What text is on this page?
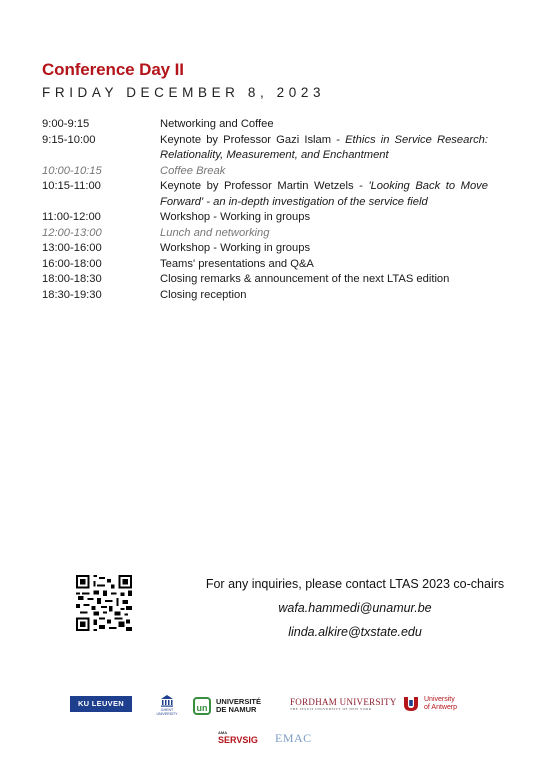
Conference Day II
FRIDAY DECEMBER 8, 2023
9:00-9:15	Networking and Coffee
9:15-10:00	Keynote by Professor Gazi Islam - Ethics in Service Research: Relationality, Measurement, and Enchantment
10:00-10:15	Coffee Break
10:15-11:00	Keynote by Professor Martin Wetzels - 'Looking Back to Move Forward' - an in-depth investigation of the service field
11:00-12:00	Workshop - Working in groups
12:00-13:00	Lunch and networking
13:00-16:00	Workshop - Working in groups
16:00-18:00	Teams' presentations and Q&A
18:00-18:30	Closing remarks & announcement of the next LTAS edition
18:30-19:30	Closing reception
For any inquiries, please contact LTAS 2023 co-chairs
wafa.hammedi@unamur.be
linda.alkire@txstate.edu
KU LEUVEN
GHENT UNIVERSITY
un
UNIVERSITÉ
DE NAMUR
FORDHAM UNIVERSITY
THE JESUIT UNIVERSITY OF NEW YORK
University
of Antwerp
AMA
SERVSIG EMAC
